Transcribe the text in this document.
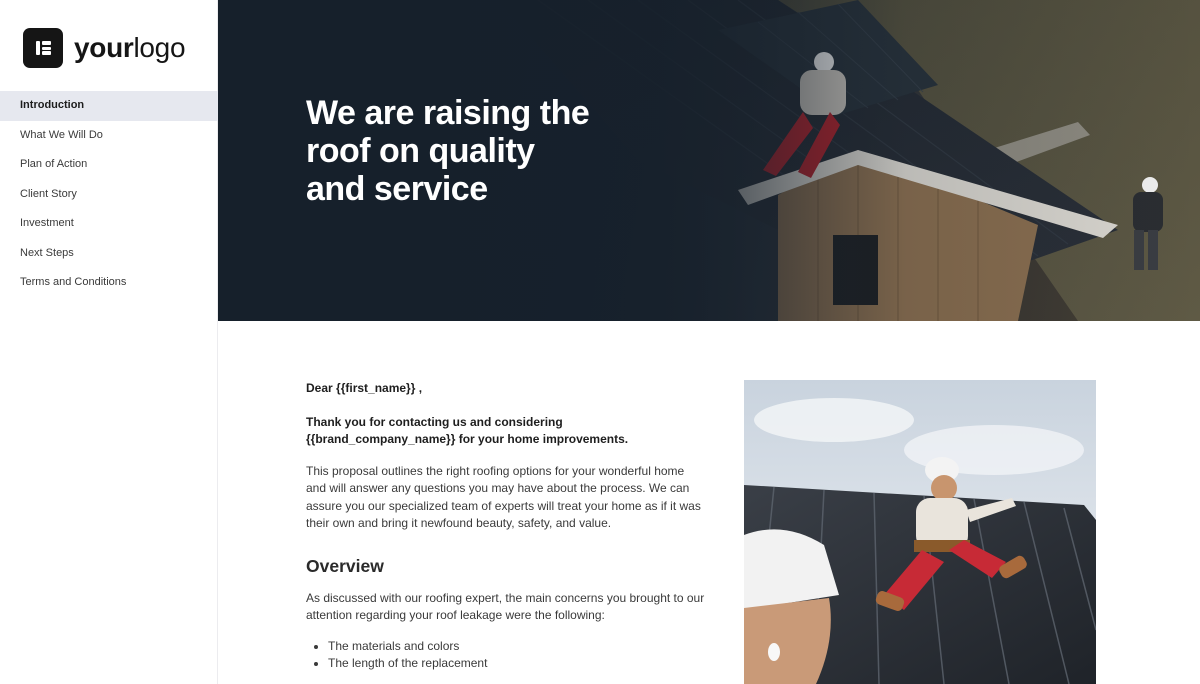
yourlogo
Introduction
What We Will Do
Plan of Action
Client Story
Investment
Next Steps
Terms and Conditions
We are raising the
roof on quality
and service

Dear {{first_name}} ,

Thank you for contacting us and considering
{{brand_company_name}} for your home improvements.

This proposal outlines the right roofing options for your wonderful home and will answer any questions you may have about the process. We can assure you our specialized team of experts will treat your home as if it was their own and bring it newfound beauty, safety, and value.

Overview

As discussed with our roofing expert, the main concerns you brought to our attention regarding your roof leakage were the following:

The materials and colors
The length of the replacement
